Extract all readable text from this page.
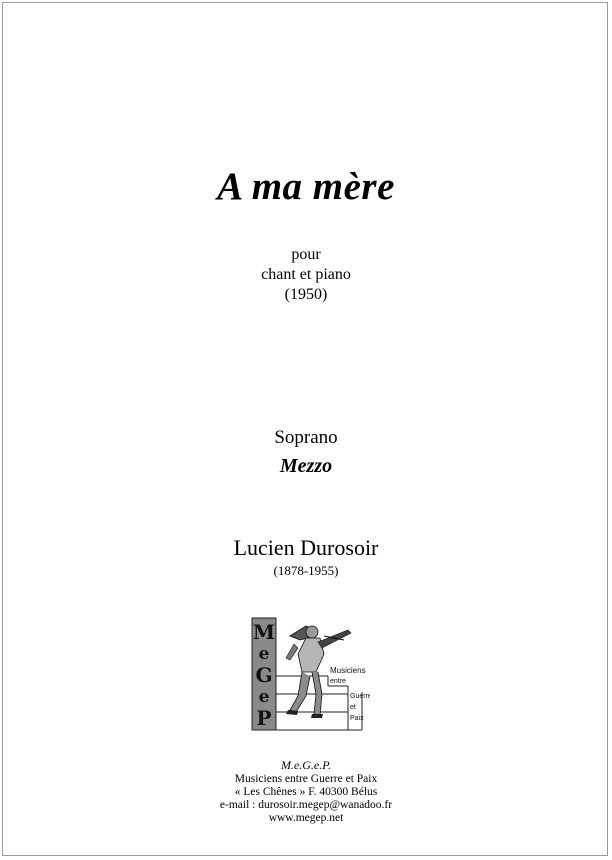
A ma mère
pour
chant et piano
(1950)
Soprano
Mezzo
Lucien Durosoir
(1878-1955)
M
e
G
e
P
Musiciens
entre
Guerre
et
Paix
M.e.G.e.P.
Musiciens entre Guerre et Paix
« Les Chênes » F. 40300 Bélus
e-mail : durosoir.megep@wanadoo.fr
www.megep.net
